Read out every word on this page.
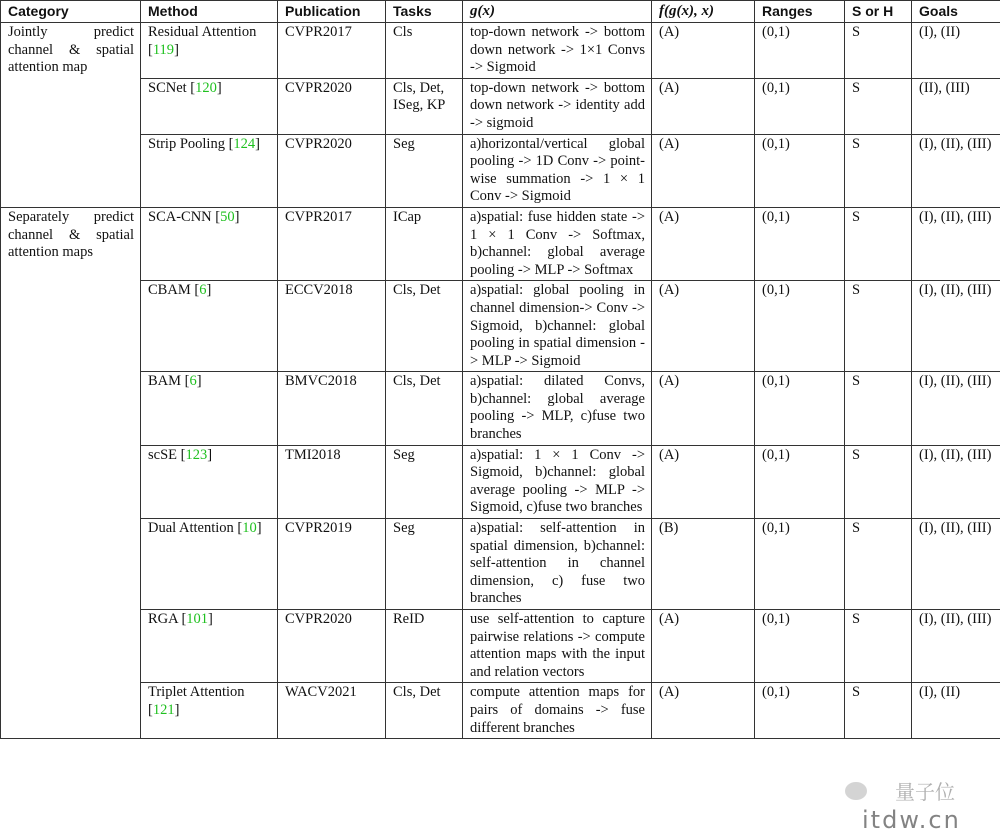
Category	Method	Publication	Tasks	g(x)	f(g(x), x)	Ranges	S or H	Goals
Jointly predict channel & spatial attention map	Residual Attention [119]	CVPR2017	Cls	top-down network -> bottom down network -> 1×1 Convs -> Sigmoid	(A)	(0,1)	S	(I), (II)
	SCNet [120]	CVPR2020	Cls, Det, ISeg, KP	top-down network -> bottom down network -> identity add -> sigmoid	(A)	(0,1)	S	(II), (III)
	Strip Pooling [124]	CVPR2020	Seg	a)horizontal/vertical global pooling -> 1D Conv -> point-wise summation -> 1 × 1 Conv -> Sigmoid	(A)	(0,1)	S	(I), (II), (III)
Separately predict channel & spatial attention maps	SCA-CNN [50]	CVPR2017	ICap	a)spatial: fuse hidden state -> 1 × 1 Conv -> Softmax, b)channel: global average pooling -> MLP -> Softmax	(A)	(0,1)	S	(I), (II), (III)
	CBAM [6]	ECCV2018	Cls, Det	a)spatial: global pooling in channel dimension-> Conv -> Sigmoid, b)channel: global pooling in spatial dimension -> MLP -> Sigmoid	(A)	(0,1)	S	(I), (II), (III)
	BAM [6]	BMVC2018	Cls, Det	a)spatial: dilated Convs, b)channel: global average pooling -> MLP, c)fuse two branches	(A)	(0,1)	S	(I), (II), (III)
	scSE [123]	TMI2018	Seg	a)spatial: 1 × 1 Conv -> Sigmoid, b)channel: global average pooling -> MLP -> Sigmoid, c)fuse two branches	(A)	(0,1)	S	(I), (II), (III)
	Dual Attention [10]	CVPR2019	Seg	a)spatial: self-attention in spatial dimension, b)channel: self-attention in channel dimension, c) fuse two branches	(B)	(0,1)	S	(I), (II), (III)
	RGA [101]	CVPR2020	ReID	use self-attention to capture pairwise relations -> compute attention maps with the input and relation vectors	(A)	(0,1)	S	(I), (II), (III)
	Triplet Attention [121]	WACV2021	Cls, Det	compute attention maps for pairs of domains -> fuse different branches	(A)	(0,1)	S	(I), (II)
量子位
itdw.cn
